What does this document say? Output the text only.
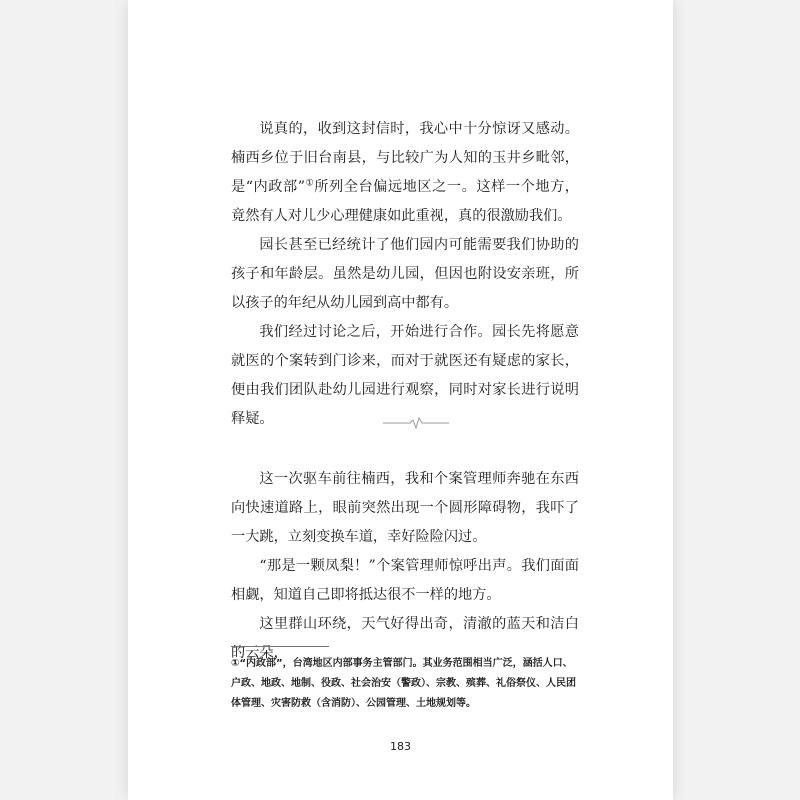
说真的，收到这封信时，我心中十分惊讶又感动。楠西乡位于旧台南县，与比较广为人知的玉井乡毗邻，是“内政部”①所列全台偏远地区之一。这样一个地方，竟然有人对儿少心理健康如此重视，真的很激励我们。

园长甚至已经统计了他们园内可能需要我们协助的孩子和年龄层。虽然是幼儿园，但因也附设安亲班，所以孩子的年纪从幼儿园到高中都有。

我们经过讨论之后，开始进行合作。园长先将愿意就医的个案转到门诊来，而对于就医还有疑虑的家长，便由我们团队赴幼儿园进行观察，同时对家长进行说明释疑。

这一次驱车前往楠西，我和个案管理师奔驰在东西向快速道路上，眼前突然出现一个圆形障碍物，我吓了一大跳，立刻变换车道，幸好险险闪过。

“那是一颗凤梨！”个案管理师惊呼出声。我们面面相觑，知道自己即将抵达很不一样的地方。

这里群山环绕，天气好得出奇，清澈的蓝天和洁白的云朵，

①“内政部”，台湾地区内部事务主管部门。其业务范围相当广泛，涵括人口、户政、地政、地制、役政、社会治安（警政）、宗教、殡葬、礼俗祭仪、人民团体管理、灾害防救（含消防）、公园管理、土地规划等。
183
